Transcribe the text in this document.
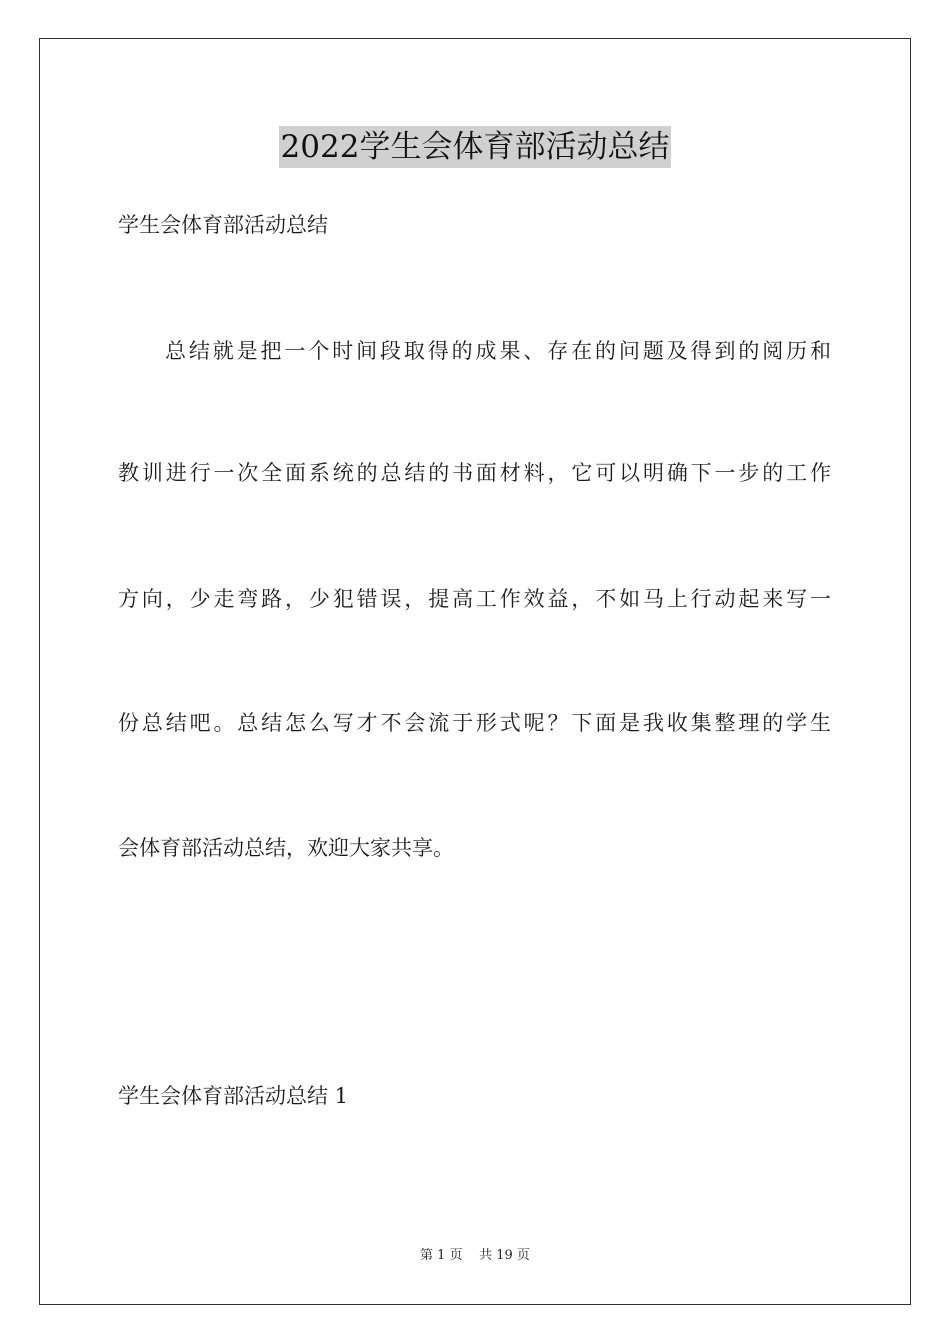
2022学生会体育部活动总结
学生会体育部活动总结
总结就是把一个时间段取得的成果、存在的问题及得到的阅历和
教训进行一次全面系统的总结的书面材料，它可以明确下一步的工作
方向，少走弯路，少犯错误，提高工作效益，不如马上行动起来写一
份总结吧。总结怎么写才不会流于形式呢？下面是我收集整理的学生
会体育部活动总结，欢迎大家共享。
学生会体育部活动总结 1
第 1 页 共 19 页
